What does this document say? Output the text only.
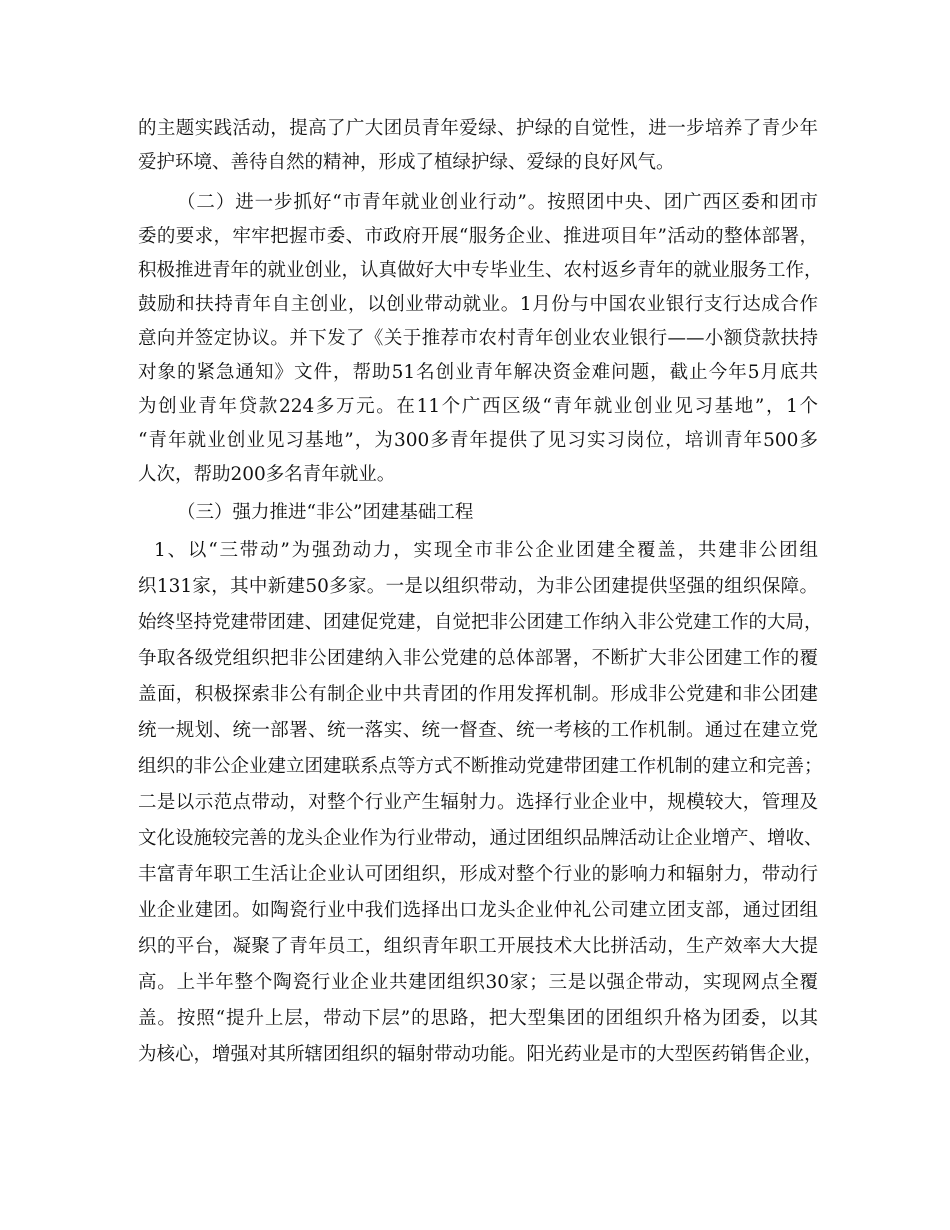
的主题实践活动，提高了广大团员青年爱绿、护绿的自觉性，进一步培养了青少年
爱护环境、善待自然的精神，形成了植绿护绿、爱绿的良好风气。
（二）进一步抓好“市青年就业创业行动”。按照团中央、团广西区委和团市
委的要求，牢牢把握市委、市政府开展“服务企业、推进项目年”活动的整体部署，
积极推进青年的就业创业，认真做好大中专毕业生、农村返乡青年的就业服务工作，
鼓励和扶持青年自主创业，以创业带动就业。1月份与中国农业银行支行达成合作
意向并签定协议。并下发了《关于推荐市农村青年创业农业银行——小额贷款扶持
对象的紧急通知》文件，帮助51名创业青年解决资金难问题，截止今年5月底共
为创业青年贷款224多万元。在11个广西区级“青年就业创业见习基地”，1个
“青年就业创业见习基地”，为300多青年提供了见习实习岗位，培训青年500多
人次，帮助200多名青年就业。
（三）强力推进“非公”团建基础工程
1、以“三带动”为强劲动力，实现全市非公企业团建全覆盖，共建非公团组
织131家，其中新建50多家。一是以组织带动，为非公团建提供坚强的组织保障。
始终坚持党建带团建、团建促党建，自觉把非公团建工作纳入非公党建工作的大局，
争取各级党组织把非公团建纳入非公党建的总体部署，不断扩大非公团建工作的覆
盖面，积极探索非公有制企业中共青团的作用发挥机制。形成非公党建和非公团建
统一规划、统一部署、统一落实、统一督查、统一考核的工作机制。通过在建立党
组织的非公企业建立团建联系点等方式不断推动党建带团建工作机制的建立和完善；
二是以示范点带动，对整个行业产生辐射力。选择行业企业中，规模较大，管理及
文化设施较完善的龙头企业作为行业带动，通过团组织品牌活动让企业增产、增收、
丰富青年职工生活让企业认可团组织，形成对整个行业的影响力和辐射力，带动行
业企业建团。如陶瓷行业中我们选择出口龙头企业仲礼公司建立团支部，通过团组
织的平台，凝聚了青年员工，组织青年职工开展技术大比拼活动，生产效率大大提
高。上半年整个陶瓷行业企业共建团组织30家；三是以强企带动，实现网点全覆
盖。按照“提升上层，带动下层”的思路，把大型集团的团组织升格为团委，以其
为核心，增强对其所辖团组织的辐射带动功能。阳光药业是市的大型医药销售企业，
